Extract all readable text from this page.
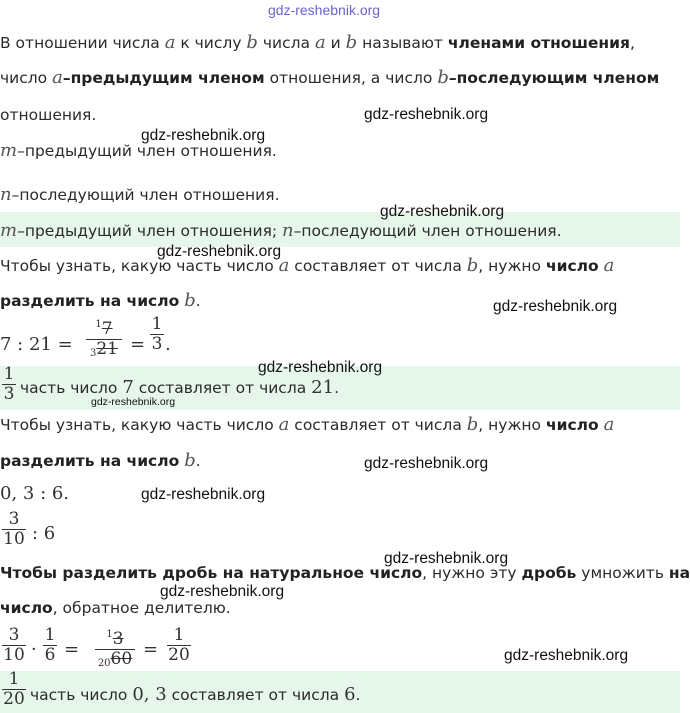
gdz-reshebnik.org
gdz-reshebnik.org
gdz-reshebnik.org
gdz-reshebnik.org
gdz-reshebnik.org
gdz-reshebnik.org
gdz-reshebnik.org
gdz-reshebnik.org
gdz-reshebnik.org
gdz-reshebnik.org
gdz-reshebnik.org
gdz-reshebnik.org
gdz-reshebnik.org
В отношении числа a к числу b числа a и b называют членами отношения,
число a–предыдущим членом отношения, а число b–последующим членом
отношения.
m–предыдущий член отношения.
n–последующий член отношения.
m–предыдущий член отношения; n–последующий член отношения.
Чтобы узнать, какую часть число a составляет от числа b, нужно число a
разделить на число b.
7 : 21 =
$^1$7
$_3$21 =
1
3 .
1
3 часть число 7 составляет от числа 21.
Чтобы узнать, какую часть число a составляет от числа b, нужно число a
разделить на число b.
0, 3 : 6.
3
10 : 6
Чтобы разделить дробь на натуральное число, нужно эту дробь умножить на
число, обратное делителю.
3
10 ·
1
6 =
$^1$3
$_{20}$60 =
1
20
1
20 часть число 0, 3 составляет от числа 6.
